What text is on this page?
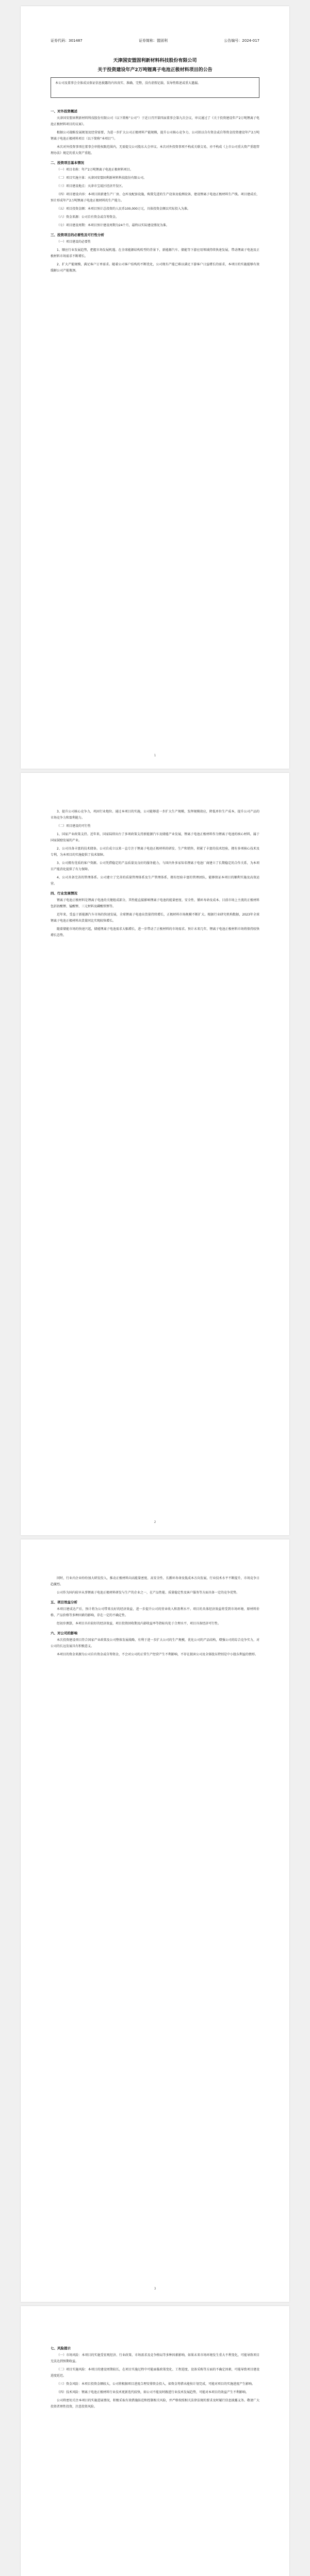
证券代码：301487	证券简称：盟固利	公告编号：2024-017
天津国安盟固利新材料科技股份有限公司
关于投资建设年产2万吨锂离子电池正极材料项目的公告
本公司及董事会全体成员保证信息披露的内容真实、准确、完整，没有虚假记载、误导性陈述或重大遗漏。
一、对外投资概述
天津国安盟固利新材料科技股份有限公司（以下简称“公司”）于近日召开第四届董事会第九次会议，审议通过了《关于投资建设年产2万吨锂离子电池正极材料项目的议案》。
根据公司战略发展规划及经营需要，为进一步扩大公司正极材料产能规模，提升公司核心竞争力，公司拟以自有资金或自筹资金投资建设年产2万吨锂离子电池正极材料项目（以下简称“本项目”）。
本次对外投资事项在董事会审批权限范围内，无需提交公司股东大会审议。本次对外投资事项不构成关联交易，亦不构成《上市公司重大资产重组管理办法》规定的重大资产重组。
二、投资项目基本情况
（一）项目名称：年产2万吨锂离子电池正极材料项目。
（二）项目实施主体：天津国安盟固利新材料科技股份有限公司。
（三）项目建设地点：天津市宝坻区经济开发区。
（四）项目建设内容：本项目拟新建生产厂房、仓库及配套设施，购置先进的生产设备及检测设备，建设锂离子电池正极材料生产线。项目建成后，预计形成年产2万吨锂离子电池正极材料的生产能力。
（五）项目投资金额：本项目预计总投资约人民币100,000万元，具体投资金额以实际投入为准。
（六）资金来源：公司自有资金或自筹资金。
（七）项目建设周期：本项目预计建设周期为24个月，最终以实际建设情况为准。
三、投资项目的必要性及可行性分析
（一）项目建设的必要性
1、顺应行业发展趋势，把握市场发展机遇。在全球能源结构转型的背景下，新能源汽车、储能等下游应用领域持续快速发展，带动锂离子电池及正极材料市场需求不断增长。
2、扩大产能规模，满足客户订单需求。随着公司客户结构的不断优化，公司现有产能已难以满足下游客户日益增长的需求，本项目的实施能够有效缓解公司产能瓶颈。
1
3、提升公司核心竞争力，巩固行业地位。通过本项目的实施，公司能够进一步扩大生产规模，发挥规模效应，降低单位生产成本，提升公司产品的市场竞争力和盈利能力。
（二）项目建设的可行性
1、国家产业政策支持。近年来，国家陆续出台了多项政策支持新能源汽车及储能产业发展，锂离子电池正极材料作为锂离子电池的核心材料，属于国家鼓励发展的产业。
2、公司具备丰富的技术储备。公司自成立以来一直专注于锂离子电池正极材料的研发、生产和销售，积累了丰富的技术经验，拥有多项核心技术及专利，为本项目的实施提供了技术保障。
3、公司拥有优质的客户资源。公司凭借稳定的产品质量及良好的服务能力，与国内外多家知名锂离子电池厂商建立了长期稳定的合作关系，为本项目产能消化提供了有力保障。
4、公司具备完善的管理体系。公司建立了完善的质量管理体系及生产管理体系，拥有经验丰富的管理团队，能够保证本项目的顺利实施及高效运营。
四、行业发展情况
锂离子电池正极材料是锂离子电池的关键组成部分，其性能直接影响锂离子电池的能量密度、安全性、循环寿命及成本。目前市场上主流的正极材料包括钴酸锂、锰酸锂、三元材料及磷酸铁锂等。
近年来，受益于新能源汽车市场的快速发展，全球锂离子电池出货量持续增长，正极材料市场规模不断扩大。根据行业研究机构数据，2023年全球锂离子电池正极材料出货量同比实现较快增长。
随着储能市场的快速兴起，储能锂离子电池需求大幅增长，进一步带动了正极材料的市场需求。预计未来几年，锂离子电池正极材料市场将保持较快增长态势。
2
同时，行业内企业纷纷加大研发投入，推动正极材料向高能量密度、高安全性、长循环寿命及低成本方向发展，行业技术水平不断提升，市场竞争日趋激烈。
公司作为国内较早从事锂离子电池正极材料研发与生产的企业之一，在产品性能、质量稳定性及客户服务等方面具备一定的竞争优势。
五、项目效益分析
本项目建成达产后，预计将为公司带来良好的经济效益，进一步提升公司的营业收入和盈利水平。项目的具体经济效益将受到市场环境、原材料价格、产品价格等多种因素的影响，存在一定的不确定性。
经初步测算，本项目具有较好的经济效益，项目投资回收期及内部收益率等指标均处于合理水平，项目具备经济可行性。
六、对公司的影响
本次投资建设项目符合国家产业政策及公司整体发展战略，有利于进一步扩大公司的生产规模，优化公司的产品结构，增强公司的综合竞争实力，对公司的长远发展具有积极意义。
本项目的资金来源为公司自有资金或自筹资金，不会对公司的正常生产经营产生不利影响，不存在损害公司及全体股东特别是中小股东利益的情形。
3
七、风险提示
（一）市场风险：本项目的实施受宏观经济、行业政策、市场需求及竞争格局等多种因素影响，如果未来市场环境发生重大不利变化，可能导致项目无法达到预期收益。
（二）项目实施风险：本项目的建设周期较长，在项目实施过程中可能面临政策变化、工程进度、设备采购等方面的不确定因素，可能导致项目建设进度延迟。
（三）资金风险：本项目投资金额较大，公司将根据项目进度合理安排资金投入，如资金筹措未能按计划完成，可能对项目的实施进度产生影响。
（四）技术风险：锂离子电池正极材料行业技术更新迭代较快，如公司不能及时跟进行业技术发展趋势，可能对本项目的效益产生不利影响。
公司将密切关注本项目的实施进展情况，积极采取有效措施防范和控制相关风险，并严格按照相关法律法规的要求及时履行信息披露义务。敬请广大投资者理性投资，注意投资风险。
